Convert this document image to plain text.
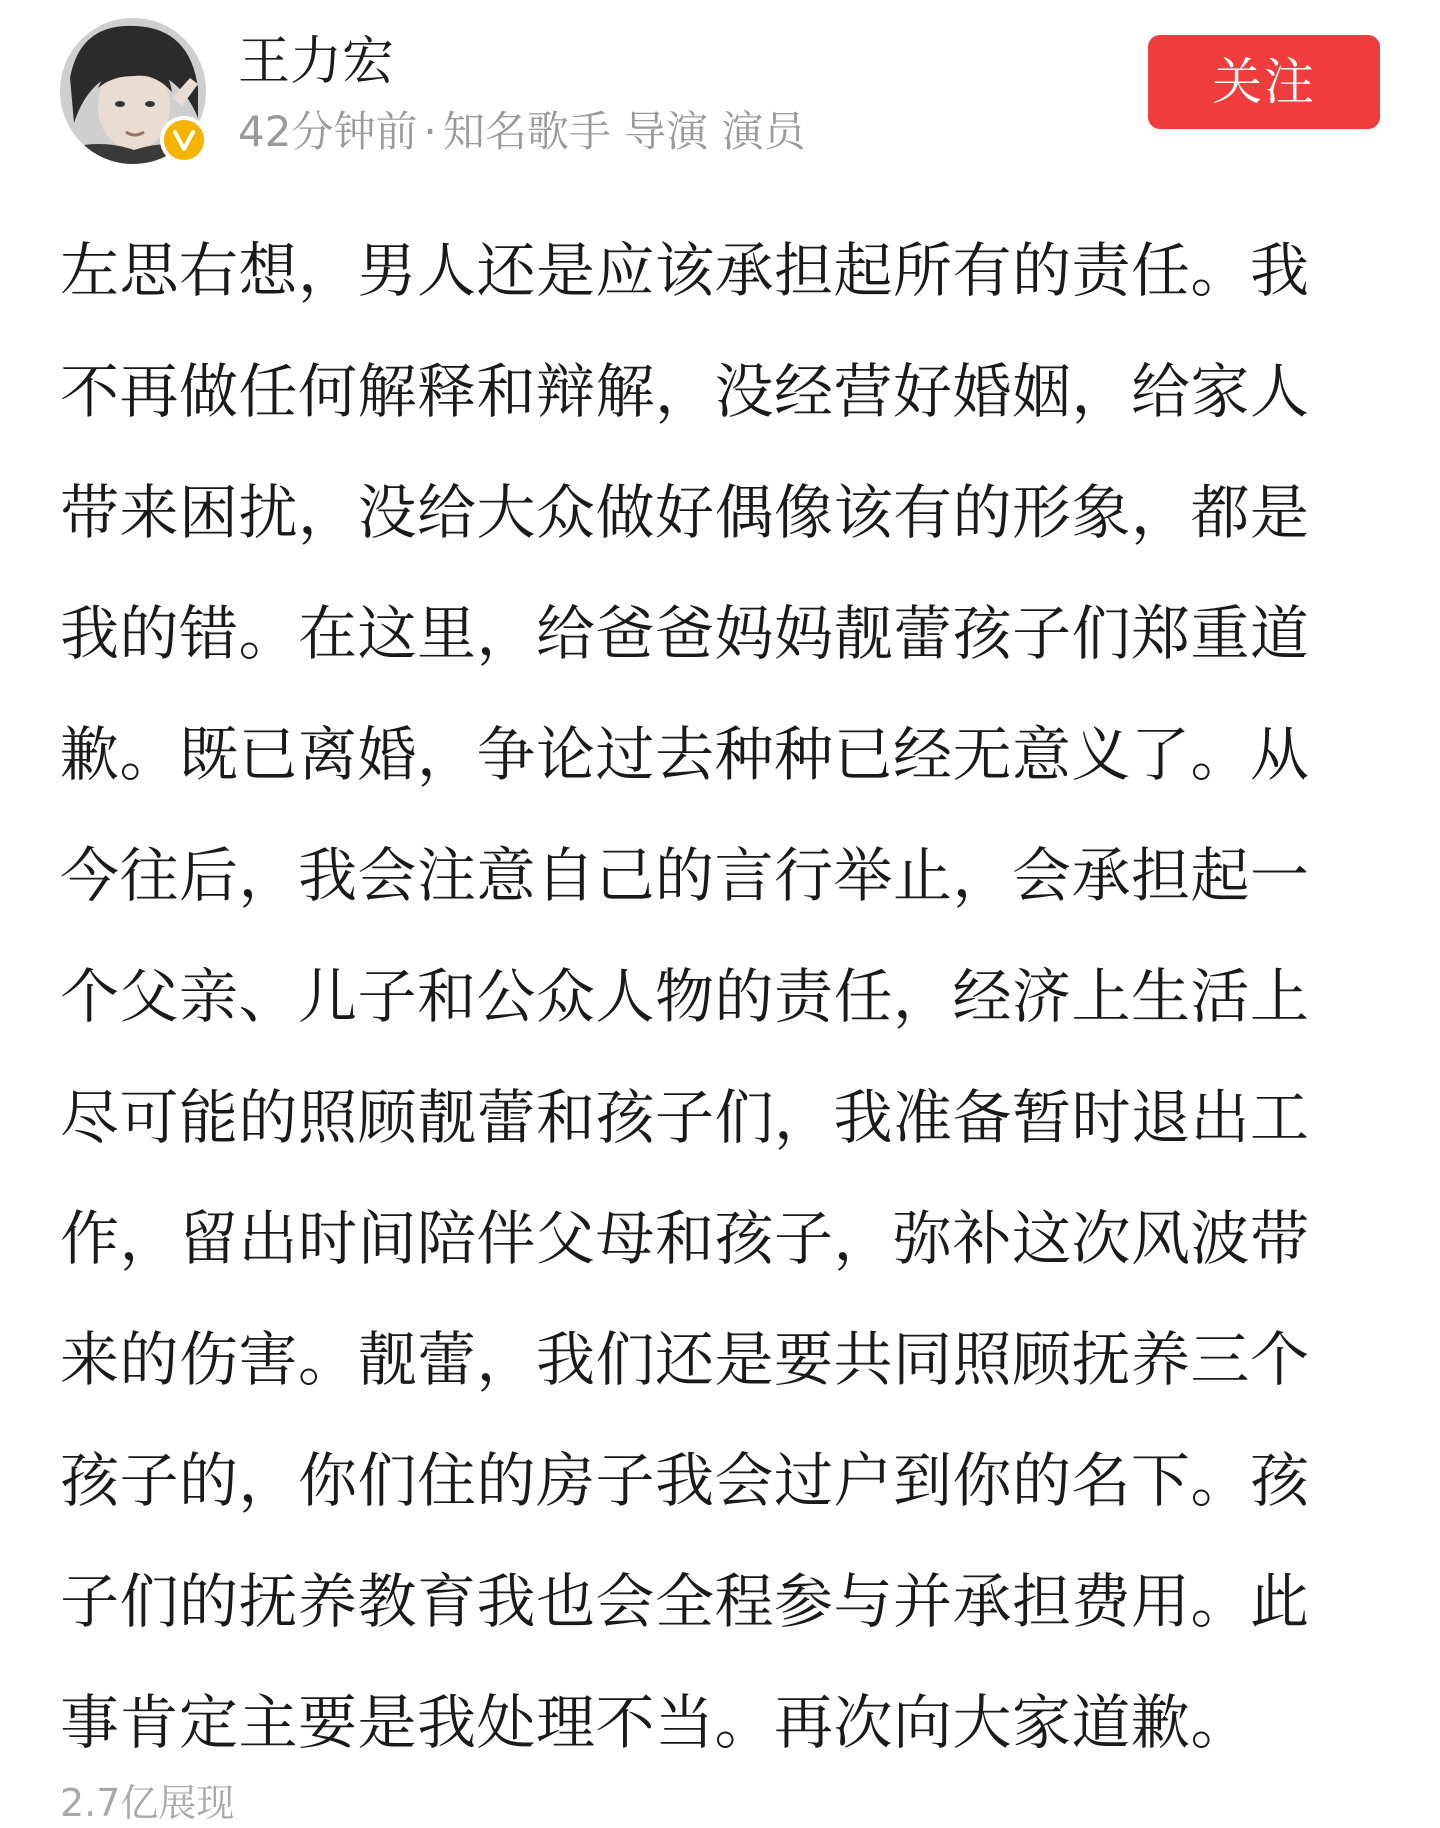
王力宏
42分钟前 · 知名歌手 导演 演员
关注
左思右想，男人还是应该承担起所有的责任。我
不再做任何解释和辩解，没经营好婚姻，给家人
带来困扰，没给大众做好偶像该有的形象，都是
我的错。在这里，给爸爸妈妈靓蕾孩子们郑重道
歉。既已离婚，争论过去种种已经无意义了。从
今往后，我会注意自己的言行举止，会承担起一
个父亲、儿子和公众人物的责任，经济上生活上
尽可能的照顾靓蕾和孩子们，我准备暂时退出工
作，留出时间陪伴父母和孩子，弥补这次风波带
来的伤害。靓蕾，我们还是要共同照顾抚养三个
孩子的，你们住的房子我会过户到你的名下。孩
子们的抚养教育我也会全程参与并承担费用。此
事肯定主要是我处理不当。再次向大家道歉。
2.7亿展现
